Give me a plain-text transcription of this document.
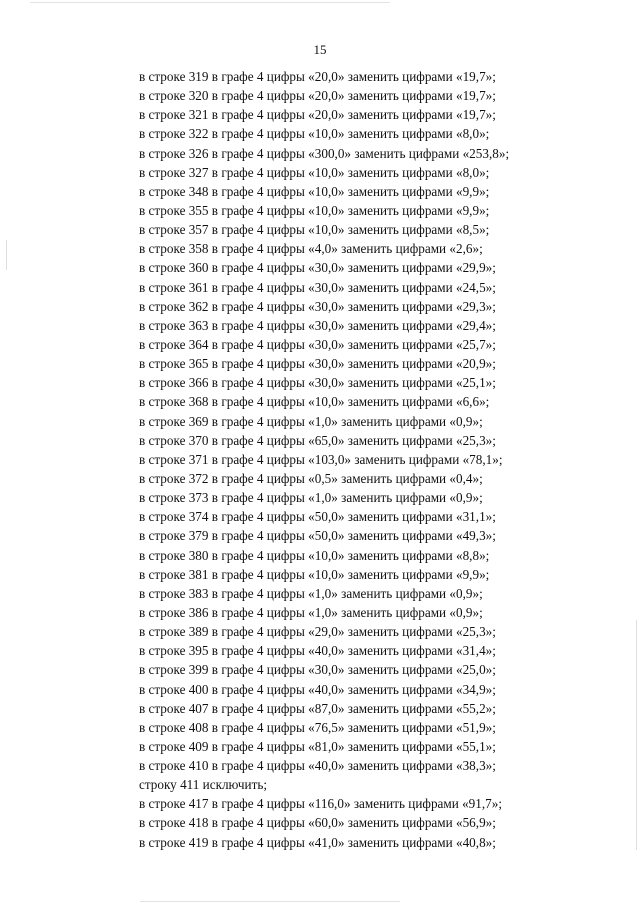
15
в строке 319 в графе 4 цифры «20,0» заменить цифрами «19,7»;
в строке 320 в графе 4 цифры «20,0» заменить цифрами «19,7»;
в строке 321 в графе 4 цифры «20,0» заменить цифрами «19,7»;
в строке 322 в графе 4 цифры «10,0» заменить цифрами «8,0»;
в строке 326 в графе 4 цифры «300,0» заменить цифрами «253,8»;
в строке 327 в графе 4 цифры «10,0» заменить цифрами «8,0»;
в строке 348 в графе 4 цифры «10,0» заменить цифрами «9,9»;
в строке 355 в графе 4 цифры «10,0» заменить цифрами «9,9»;
в строке 357 в графе 4 цифры «10,0» заменить цифрами «8,5»;
в строке 358 в графе 4 цифры «4,0» заменить цифрами «2,6»;
в строке 360 в графе 4 цифры «30,0» заменить цифрами «29,9»;
в строке 361 в графе 4 цифры «30,0» заменить цифрами «24,5»;
в строке 362 в графе 4 цифры «30,0» заменить цифрами «29,3»;
в строке 363 в графе 4 цифры «30,0» заменить цифрами «29,4»;
в строке 364 в графе 4 цифры «30,0» заменить цифрами «25,7»;
в строке 365 в графе 4 цифры «30,0» заменить цифрами «20,9»;
в строке 366 в графе 4 цифры «30,0» заменить цифрами «25,1»;
в строке 368 в графе 4 цифры «10,0» заменить цифрами «6,6»;
в строке 369 в графе 4 цифры «1,0» заменить цифрами «0,9»;
в строке 370 в графе 4 цифры «65,0» заменить цифрами «25,3»;
в строке 371 в графе 4 цифры «103,0» заменить цифрами «78,1»;
в строке 372 в графе 4 цифры «0,5» заменить цифрами «0,4»;
в строке 373 в графе 4 цифры «1,0» заменить цифрами «0,9»;
в строке 374 в графе 4 цифры «50,0» заменить цифрами «31,1»;
в строке 379 в графе 4 цифры «50,0» заменить цифрами «49,3»;
в строке 380 в графе 4 цифры «10,0» заменить цифрами «8,8»;
в строке 381 в графе 4 цифры «10,0» заменить цифрами «9,9»;
в строке 383 в графе 4 цифры «1,0» заменить цифрами «0,9»;
в строке 386 в графе 4 цифры «1,0» заменить цифрами «0,9»;
в строке 389 в графе 4 цифры «29,0» заменить цифрами «25,3»;
в строке 395 в графе 4 цифры «40,0» заменить цифрами «31,4»;
в строке 399 в графе 4 цифры «30,0» заменить цифрами «25,0»;
в строке 400 в графе 4 цифры «40,0» заменить цифрами «34,9»;
в строке 407 в графе 4 цифры «87,0» заменить цифрами «55,2»;
в строке 408 в графе 4 цифры «76,5» заменить цифрами «51,9»;
в строке 409 в графе 4 цифры «81,0» заменить цифрами «55,1»;
в строке 410 в графе 4 цифры «40,0» заменить цифрами «38,3»;
строку 411 исключить;
в строке 417 в графе 4 цифры «116,0» заменить цифрами «91,7»;
в строке 418 в графе 4 цифры «60,0» заменить цифрами «56,9»;
в строке 419 в графе 4 цифры «41,0» заменить цифрами «40,8»;
